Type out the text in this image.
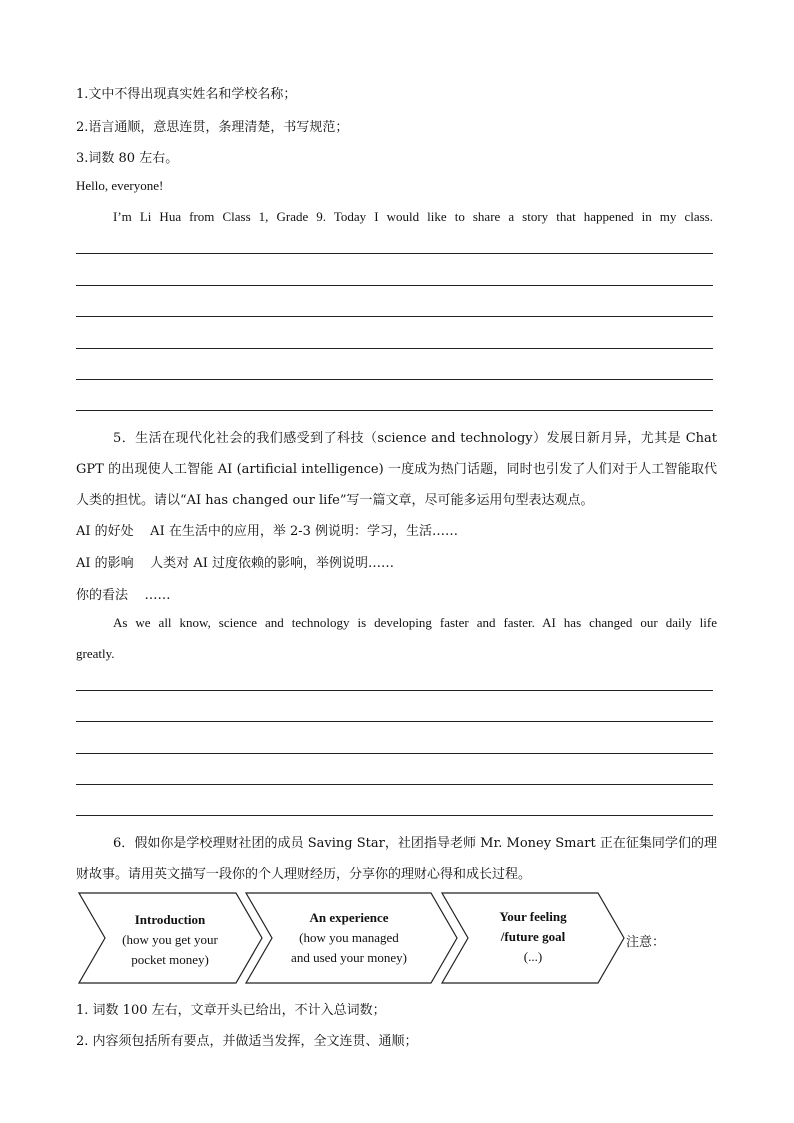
1.文中不得出现真实姓名和学校名称；
2.语言通顺，意思连贯，条理清楚，书写规范；
3.词数 80 左右。
Hello, everyone!
I’m Li Hua from Class 1, Grade 9. Today I would like to share a story that happened in my class.
5．生活在现代化社会的我们感受到了科技（science and technology）发展日新月异，尤其是 Chat
GPT 的出现使人工智能 AI (artificial intelligence) 一度成为热门话题，同时也引发了人们对于人工智能取代
人类的担忧。请以“AI has changed our life”写一篇文章，尽可能多运用句型表达观点。
AI 的好处    AI 在生活中的应用，举 2-3 例说明：学习，生活……
AI 的影响    人类对 AI 过度依赖的影响，举例说明……
你的看法    ……
As we all know, science and technology is developing faster and faster. AI has changed our daily life
greatly.
6．假如你是学校理财社团的成员 Saving Star，社团指导老师 Mr. Money Smart 正在征集同学们的理
财故事。请用英文描写一段你的个人理财经历，分享你的理财心得和成长过程。
Introduction
(how you get your
pocket money)
An experience
(how you managed
and used your money)
Your feeling
/future goal
(...)
注意：
1. 词数 100 左右，文章开头已给出，不计入总词数；
2. 内容须包括所有要点，并做适当发挥，全文连贯、通顺；
